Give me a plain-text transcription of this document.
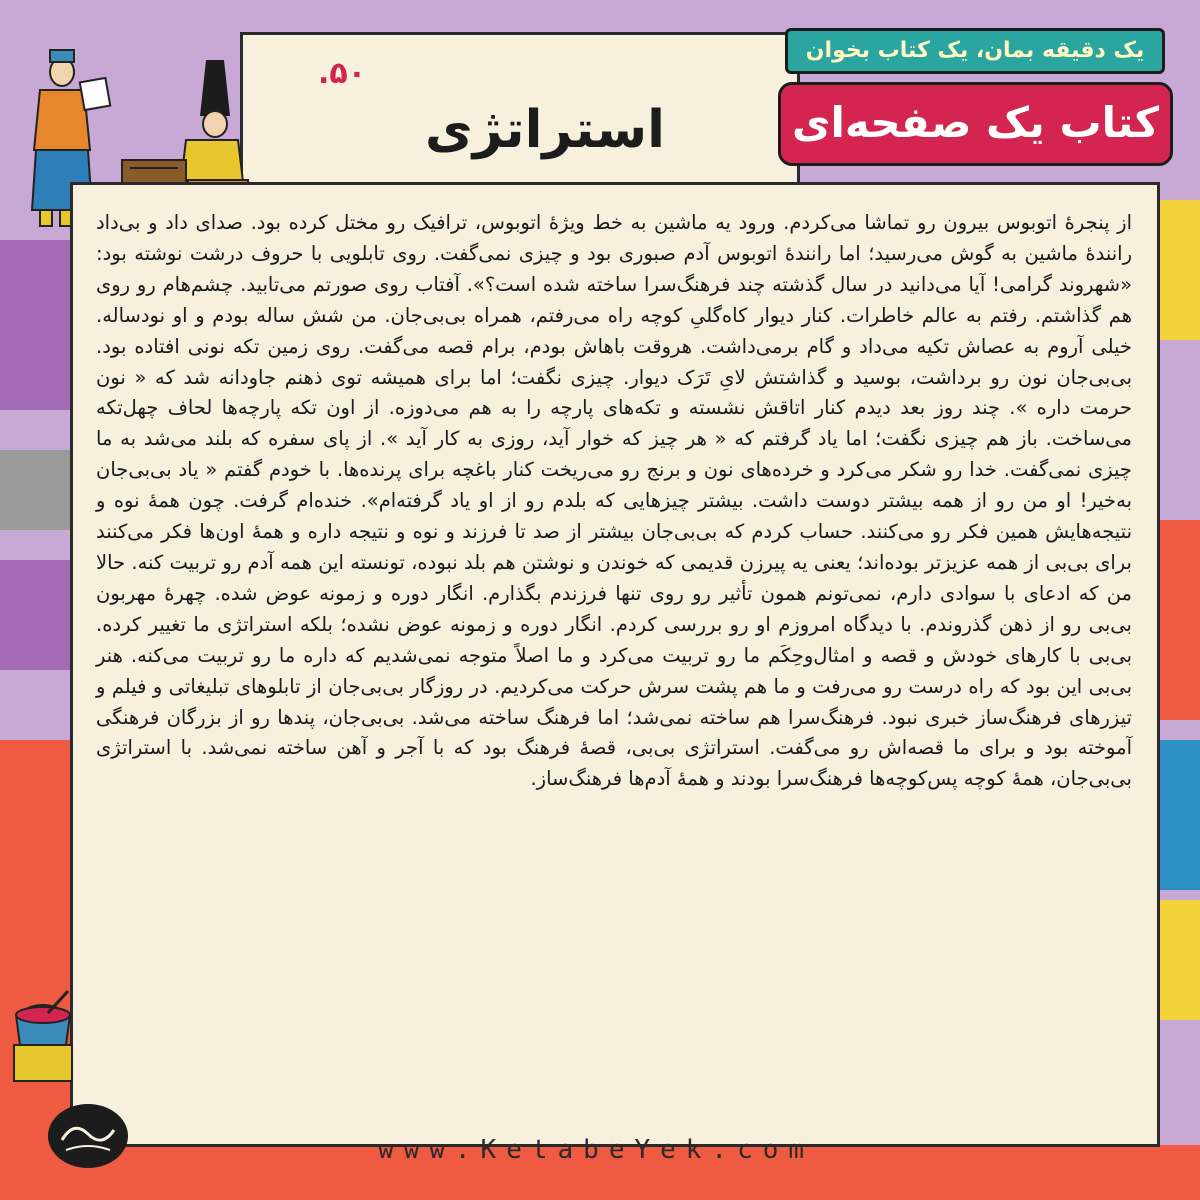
یک دقیقه بمان، یک کتاب بخوان
کتاب یک صفحه‌ای
۵۰.
استراتژی

از پنجرۀ اتوبوس بیرون رو تماشا می‌کردم. ورود یه ماشین به خط ویژۀ اتوبوس، ترافیک رو مختل کرده بود. صدای داد و بی‌داد رانندۀ ماشین به گوش می‌رسید؛ اما رانندۀ اتوبوس آدم صبوری بود و چیزی نمی‌گفت. روی تابلویی با حروف درشت نوشته بود: «شهروند گرامی! آیا می‌دانید در سال گذشته چند فرهنگ‌سرا ساخته شده است؟». آفتاب روی صورتم می‌تابید. چشم‌هام رو روی هم گذاشتم. رفتم به عالم خاطرات. کنار دیوار کاه‌گلیِ کوچه راه می‌رفتم، همراه بی‌بی‌جان. من شش ساله بودم و او نودساله. خیلی آروم به عصاش تکیه می‌داد و گام برمی‌داشت. هروقت باهاش بودم، برام قصه می‌گفت. روی زمین تکه نونی افتاده بود. بی‌بی‌جان نون رو برداشت، بوسید و گذاشتش لایِ تَرَک دیوار. چیزی نگفت؛ اما برای همیشه توی ذهنم جاودانه شد که « نون حرمت داره ». چند روز بعد دیدم کنار اتاقش نشسته و تکه‌های پارچه را به هم می‌دوزه. از اون تکه پارچه‌ها لحاف چهل‌تکه می‌ساخت. باز هم چیزی نگفت؛ اما یاد گرفتم که « هر چیز که خوار آید، روزی به کار آید ». از پای سفره که بلند می‌شد به ما چیزی نمی‌گفت. خدا رو شکر می‌کرد و خرده‌های نون و برنج رو می‌ریخت کنار باغچه برای پرنده‌ها. با خودم گفتم « یاد بی‌بی‌جان به‌خیر! او من رو از همه بیشتر دوست داشت. بیشتر چیزهایی که بلدم رو از او یاد گرفته‌ام». خنده‌ام گرفت. چون همۀ نوه و نتیجه‌هایش همین فکر رو می‌کنند. حساب کردم که بی‌بی‌جان بیشتر از صد تا فرزند و نوه و نتیجه داره و همۀ اون‌ها فکر می‌کنند برای بی‌بی از همه عزیزتر بوده‌اند؛ یعنی یه پیرزن قدیمی که خوندن و نوشتن هم بلد نبوده، تونسته این همه آدم رو تربیت کنه. حالا من که ادعای با سوادی دارم، نمی‌تونم همون تأثیر رو روی تنها فرزندم بگذارم. انگار دوره و زمونه عوض شده. چهرۀ مهربون بی‌بی رو از ذهن گذروندم. با دیدگاه امروزم او رو بررسی کردم. انگار دوره و زمونه عوض نشده؛ بلکه استراتژی ما تغییر کرده. بی‌بی با کارهای خودش و قصه و امثال‌وحِکَم ما رو تربیت می‌کرد و ما اصلاً متوجه نمی‌شدیم که داره ما رو تربیت می‌کنه. هنر بی‌بی این بود که راه درست رو می‌رفت و ما هم پشت سرش حرکت می‌کردیم. در روزگار بی‌بی‌جان از تابلوهای تبلیغاتی و فیلم و تیزرهای فرهنگ‌ساز خبری نبود. فرهنگ‌سرا هم ساخته نمی‌شد؛ اما فرهنگ ساخته می‌شد. بی‌بی‌جان، پندها رو از بزرگان فرهنگی آموخته بود و برای ما قصه‌اش رو می‌گفت. استراتژی بی‌بی، قصۀ فرهنگ بود که با آجر و آهن ساخته نمی‌شد. با استراتژی بی‌بی‌جان، همۀ کوچه پس‌کوچه‌ها فرهنگ‌سرا بودند و همۀ آدم‌ها فرهنگ‌ساز.

www.KetabeYek.com
